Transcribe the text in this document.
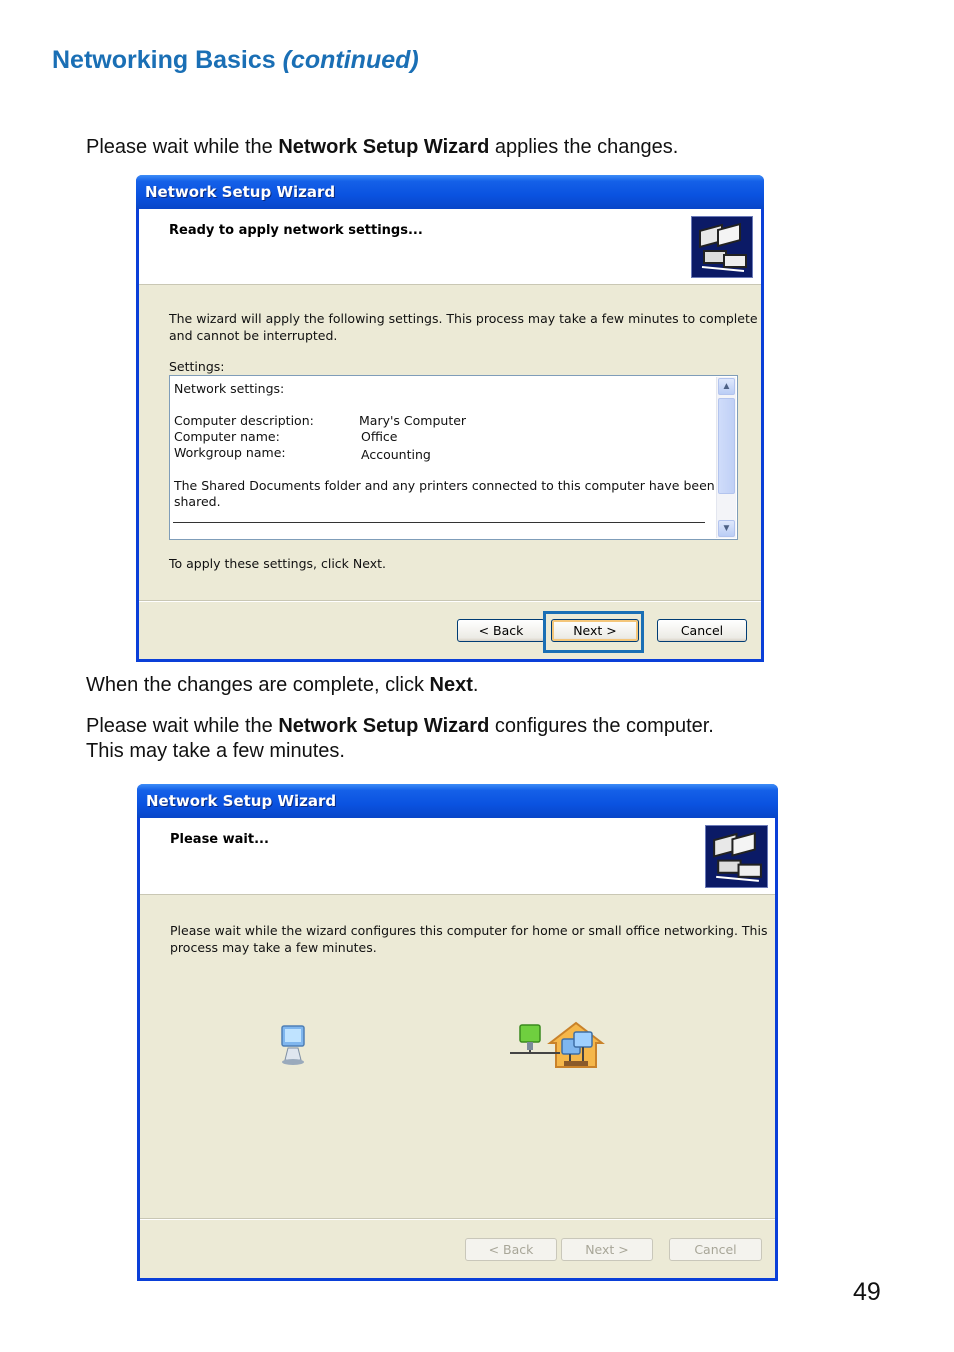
Networking Basics (continued)

Please wait while the Network Setup Wizard applies the changes.

Network Setup Wizard
Ready to apply network settings...

The wizard will apply the following settings. This process may take a few minutes to complete

and cannot be interrupted.

Settings:

Network settings:
Computer description:	Mary's Computer
Computer name:	Office
Workgroup name:	Accounting
The Shared Documents folder and any printers connected to this computer have been
shared.
▲
▼

To apply these settings, click Next.

< Back	Next >	Cancel

When the changes are complete, click Next.

Please wait while the Network Setup Wizard configures the computer.
This may take a few minutes.

Network Setup Wizard
Please wait...

Please wait while the wizard configures this computer for home or small office networking. This

process may take a few minutes.

< Back	Next >	Cancel
49
